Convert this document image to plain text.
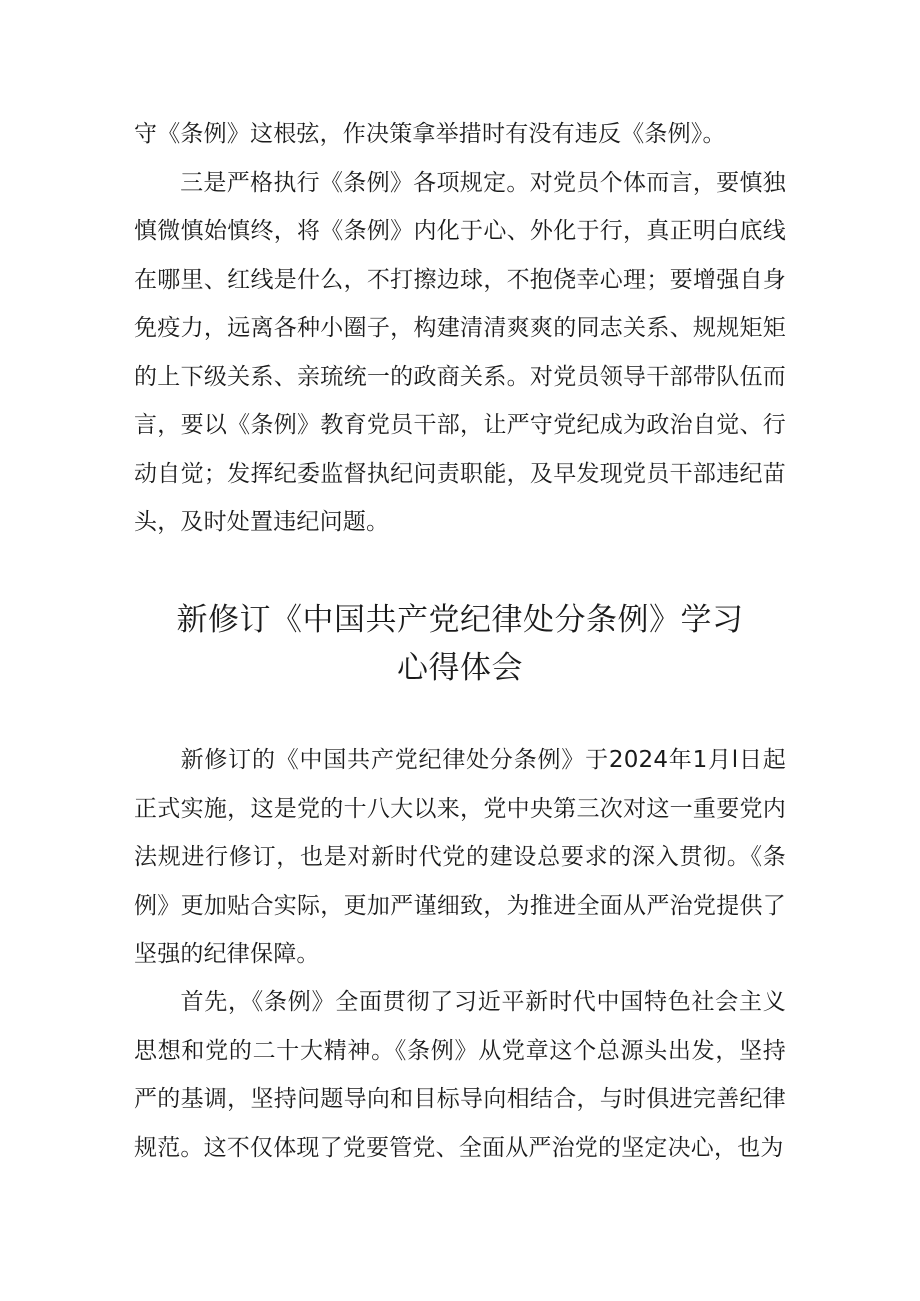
守《条例》这根弦，作决策拿举措时有没有违反《条例》。
三是严格执行《条例》各项规定。对党员个体而言，要慎独慎微慎始慎终，将《条例》内化于心、外化于行，真正明白底线在哪里、红线是什么，不打擦边球，不抱侥幸心理；要增强自身免疫力，远离各种小圈子，构建清清爽爽的同志关系、规规矩矩的上下级关系、亲琉统一的政商关系。对党员领导干部带队伍而言，要以《条例》教育党员干部，让严守党纪成为政治自觉、行动自觉；发挥纪委监督执纪问责职能，及早发现党员干部违纪苗头，及时处置违纪问题。

新修订《中国共产党纪律处分条例》学习
心得体会

新修订的《中国共产党纪律处分条例》于2024年1月l日起正式实施，这是党的十八大以来，党中央第三次对这一重要党内法规进行修订，也是对新时代党的建设总要求的深入贯彻。《条例》更加贴合实际，更加严谨细致，为推进全面从严治党提供了坚强的纪律保障。

首先，《条例》全面贯彻了习近平新时代中国特色社会主义思想和党的二十大精神。《条例》从党章这个总源头出发，坚持严的基调，坚持问题导向和目标导向相结合，与时俱进完善纪律规范。这不仅体现了党要管党、全面从严治党的坚定决心，也为
